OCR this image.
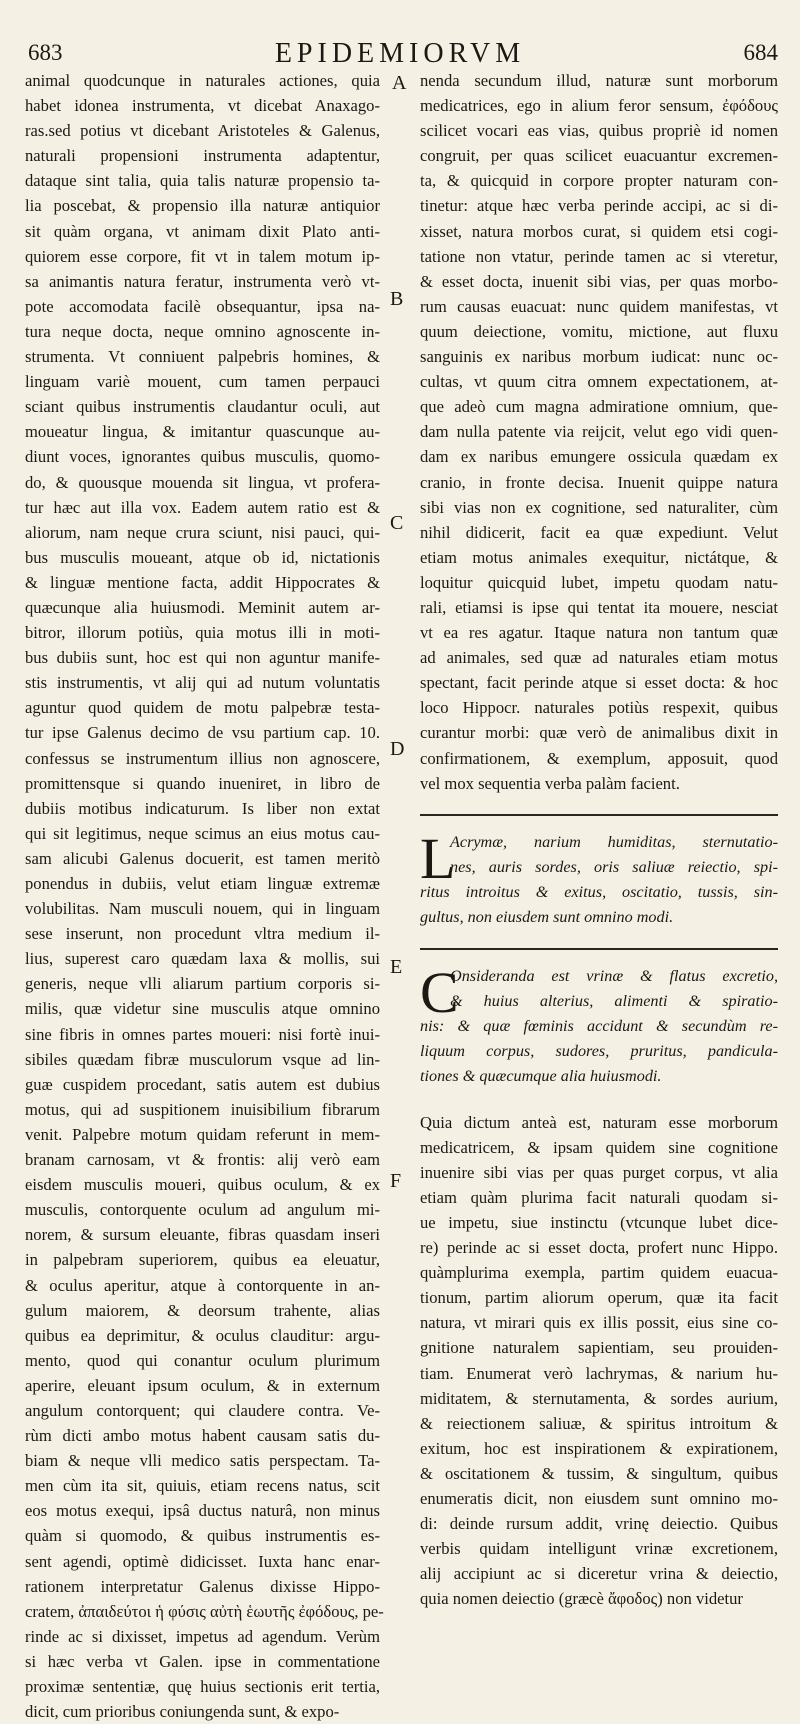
683	EPIDEMIORVM	684
A
B
C
D
E
F
animal quodcunque in naturales actiones, quia
habet idonea instrumenta, vt dicebat Anaxago-
ras.sed potius vt dicebant Aristoteles & Galenus,
naturali propensioni instrumenta adaptentur,
dataque sint talia, quia talis naturæ propensio ta-
lia poscebat, & propensio illa naturæ antiquior
sit quàm organa, vt animam dixit Plato anti-
quiorem esse corpore, fit vt in talem motum ip-
sa animantis natura feratur, instrumenta verò vt-
pote accomodata facilè obsequantur, ipsa na-
tura neque docta, neque omnino agnoscente in-
strumenta. Vt conniuent palpebris homines, &
linguam variè mouent, cum tamen perpauci
sciant quibus instrumentis claudantur oculi, aut
moueatur lingua, & imitantur quascunque au-
diunt voces, ignorantes quibus musculis, quomo-
do, & quousque mouenda sit lingua, vt profera-
tur hæc aut illa vox. Eadem autem ratio est &
aliorum, nam neque crura sciunt, nisi pauci, qui-
bus musculis moueant, atque ob id, nictationis
& linguæ mentione facta, addit Hippocrates &
quæcunque alia huiusmodi. Meminit autem ar-
bitror, illorum potiùs, quia motus illi in moti-
bus dubiis sunt, hoc est qui non aguntur manife-
stis instrumentis, vt alij qui ad nutum voluntatis
aguntur quod quidem de motu palpebræ testa-
tur ipse Galenus decimo de vsu partium cap. 10.
confessus se instrumentum illius non agnoscere,
promittensque si quando inueniret, in libro de
dubiis motibus indicaturum. Is liber non extat
qui sit legitimus, neque scimus an eius motus cau-
sam alicubi Galenus docuerit, est tamen meritò
ponendus in dubiis, velut etiam linguæ extremæ
volubilitas. Nam musculi nouem, qui in linguam
sese inserunt, non procedunt vltra medium il-
lius, superest caro quædam laxa & mollis, sui
generis, neque vlli aliarum partium corporis si-
milis, quæ videtur sine musculis atque omnino
sine fibris in omnes partes moueri: nisi fortè inui-
sibiles quædam fibræ musculorum vsque ad lin-
guæ cuspidem procedant, satis autem est dubius
motus, qui ad suspitionem inuisibilium fibrarum
venit. Palpebre motum quidam referunt in mem-
branam carnosam, vt & frontis: alij verò eam
eisdem musculis moueri, quibus oculum, & ex
musculis, contorquente oculum ad angulum mi-
norem, & sursum eleuante, fibras quasdam inseri
in palpebram superiorem, quibus ea eleuatur,
& oculus aperitur, atque à contorquente in an-
gulum maiorem, & deorsum trahente, alias
quibus ea deprimitur, & oculus clauditur: argu-
mento, quod qui conantur oculum plurimum
aperire, eleuant ipsum oculum, & in externum
angulum contorquent; qui claudere contra. Ve-
rùm dicti ambo motus habent causam satis du-
biam & neque vlli medico satis perspectam. Ta-
men cùm ita sit, quiuis, etiam recens natus, scit
eos motus exequi, ipsâ ductus naturâ, non minus
quàm si quomodo, & quibus instrumentis es-
sent agendi, optimè didicisset. Iuxta hanc enar-
rationem interpretatur Galenus dixisse Hippo-
cratem, ἀπαιδεύτοι ἡ φύσις αὐτὴ ἑωυτῆς ἐφόδους, pe-
rinde ac si dixisset, impetus ad agendum. Verùm
si hæc verba vt Galen. ipse in commentatione
proximæ sententiæ, quę huius sectionis erit tertia,
dicit, cum prioribus coniungenda sunt, & expo-
nenda secundum illud, naturæ sunt morborum
medicatrices, ego in alium feror sensum, ἐφόδους
scilicet vocari eas vias, quibus propriè id nomen
congruit, per quas scilicet euacuantur excremen-
ta, & quicquid in corpore propter naturam con-
tinetur: atque hæc verba perinde accipi, ac si di-
xisset, natura morbos curat, si quidem etsi cogi-
tatione non vtatur, perinde tamen ac si vteretur,
& esset docta, inuenit sibi vias, per quas morbo-
rum causas euacuat: nunc quidem manifestas, vt
quum deiectione, vomitu, mictione, aut fluxu
sanguinis ex naribus morbum iudicat: nunc oc-
cultas, vt quum citra omnem expectationem, at-
que adeò cum magna admiratione omnium, que-
dam nulla patente via reijcit, velut ego vidi quen-
dam ex naribus emungere ossicula quædam ex
cranio, in fronte decisa. Inuenit quippe natura
sibi vias non ex cognitione, sed naturaliter, cùm
nihil didicerit, facit ea quæ expediunt. Velut
etiam motus animales exequitur, nictátque, &
loquitur quicquid lubet, impetu quodam natu-
rali, etiamsi is ipse qui tentat ita mouere, nesciat
vt ea res agatur. Itaque natura non tantum quæ
ad animales, sed quæ ad naturales etiam motus
spectant, facit perinde atque si esset docta: & hoc
loco Hippocr. naturales potiùs respexit, quibus
curantur morbi: quæ verò de animalibus dixit in
confirmationem, & exemplum, apposuit, quod
vel mox sequentia verba palàm facient.
L
Acrymæ, narium humiditas, sternutatio-
nes, auris sordes, oris saliuæ reiectio, spi-
ritus introitus & exitus, oscitatio, tussis, sin-
gultus, non eiusdem sunt omnino modi.
C
Onsideranda est vrinæ & flatus excretio,
& huius alterius, alimenti & spiratio-
nis: & quæ fœminis accidunt & secundùm re-
liquum corpus, sudores, pruritus, pandicula-
tiones & quæcumque alia huiusmodi.
Quia dictum anteà est, naturam esse morborum
medicatricem, & ipsam quidem sine cognitione
inuenire sibi vias per quas purget corpus, vt alia
etiam quàm plurima facit naturali quodam si-
ue impetu, siue instinctu (vtcunque lubet dice-
re) perinde ac si esset docta, profert nunc Hippo.
quàmplurima exempla, partim quidem euacua-
tionum, partim aliorum operum, quæ ita facit
natura, vt mirari quis ex illis possit, eius sine co-
gnitione naturalem sapientiam, seu prouiden-
tiam. Enumerat verò lachrymas, & narium hu-
miditatem, & sternutamenta, & sordes aurium,
& reiectionem saliuæ, & spiritus introitum &
exitum, hoc est inspirationem & expirationem,
& oscitationem & tussim, & singultum, quibus
enumeratis dicit, non eiusdem sunt omnino mo-
di: deinde rursum addit, vrinę deiectio. Quibus
verbis quidam intelligunt vrinæ excretionem,
alij accipiunt ac si diceretur vrina & deiectio,
quia nomen deiectio (græcè ἄφοδος) non videtur
